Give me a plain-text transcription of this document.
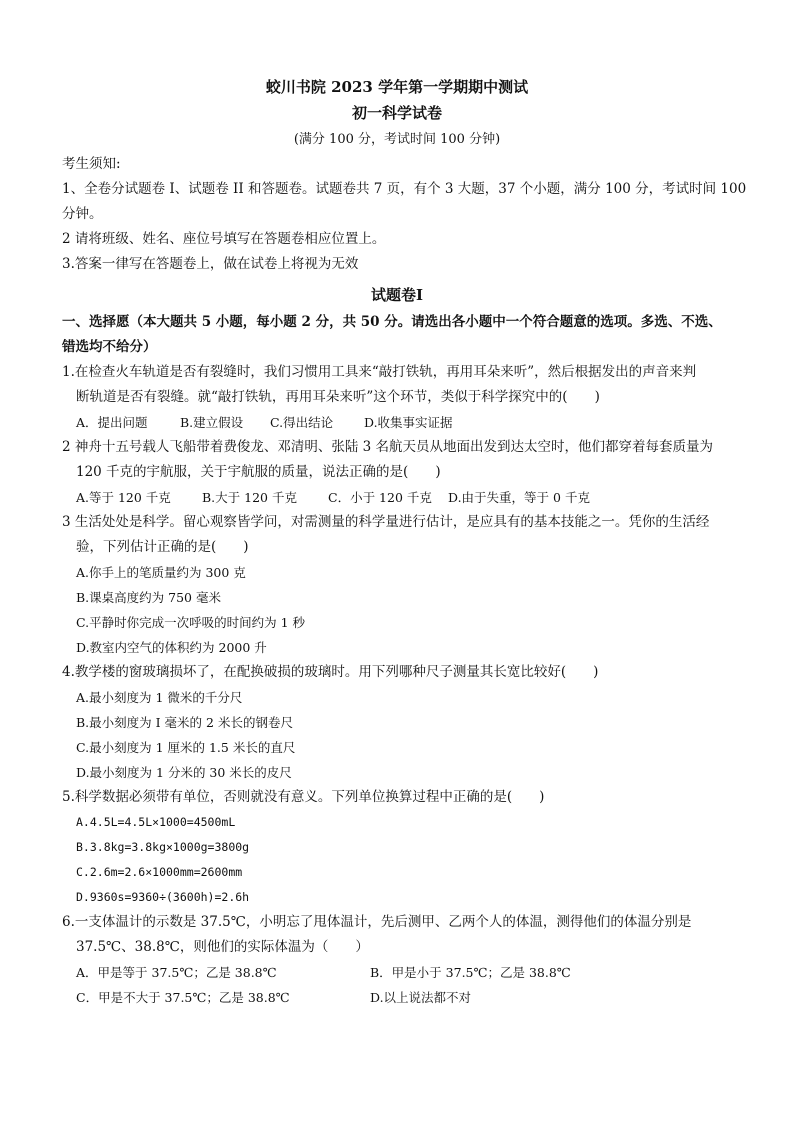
蛟川书院 2023 学年第一学期期中测试
初一科学试卷
(满分 100 分，考试时间 100 分钟)
考生须知:
1、全卷分试题卷 I、试题卷 II 和答题卷。试题卷共 7 页，有个 3 大题，37 个小题，满分 100 分，考试时间 100
分钟。
2 请将班级、姓名、座位号填写在答题卷相应位置上。
3.答案一律写在答题卷上，做在试卷上将视为无效
试题卷Ⅰ
一、选择愿（本大题共 5 小题，每小题 2 分，共 50 分。请选出各小题中一个符合题意的选项。多选、不选、
错选均不给分）
1.在检查火车轨道是否有裂缝时，我们习惯用工具来“敲打铁轨，再用耳朵来听”，然后根据发出的声音来判
断轨道是否有裂缝。就“敲打铁轨，再用耳朵来听”这个环节，类似于科学探究中的(　　)
A．提出问题	B.建立假设 C.得出结论 D.收集事实证据
2 神舟十五号载人飞船带着费俊龙、邓清明、张陆 3 名航天员从地面出发到达太空时，他们都穿着每套质量为
120 千克的宇航服，关于宇航服的质量，说法正确的是(　　)
A.等于 120 千克 B.大于 120 千克 C．小于 120 千克 D.由于失重，等于 0 千克
3 生活处处是科学。留心观察皆学问，对需测量的科学量进行估计，是应具有的基本技能之一。凭你的生活经
验，下列估计正确的是(　　)
A.你手上的笔质量约为 300 克
B.课桌高度约为 750 毫米
C.平静时你完成一次呼吸的时间约为 1 秒
D.教室内空气的体积约为 2000 升
4.教学楼的窗玻璃损坏了，在配换破损的玻璃时。用下列哪种尺子测量其长宽比较好(　　)
A.最小刻度为 1 微米的千分尺
B.最小刻度为 I 毫米的 2 米长的钢卷尺
C.最小刻度为 1 厘米的 1.5 米长的直尺
D.最小刻度为 1 分米的 30 米长的皮尺
5.科学数据必须带有单位，否则就没有意义。下列单位换算过程中正确的是(　　)
A.4.5L=4.5L×1000=4500mL
B.3.8kg=3.8kg×1000g=3800g
C.2.6m=2.6×1000mm=2600mm
D.9360s=9360÷(3600h)=2.6h
6.一支体温计的示数是 37.5℃，小明忘了甩体温计，先后测甲、乙两个人的体温，测得他们的体温分别是
37.5℃、38.8℃，则他们的实际体温为（　　）
A．甲是等于 37.5℃；乙是 38.8℃	B．甲是小于 37.5℃；乙是 38.8℃
C．甲是不大于 37.5℃；乙是 38.8℃	D.以上说法都不对
